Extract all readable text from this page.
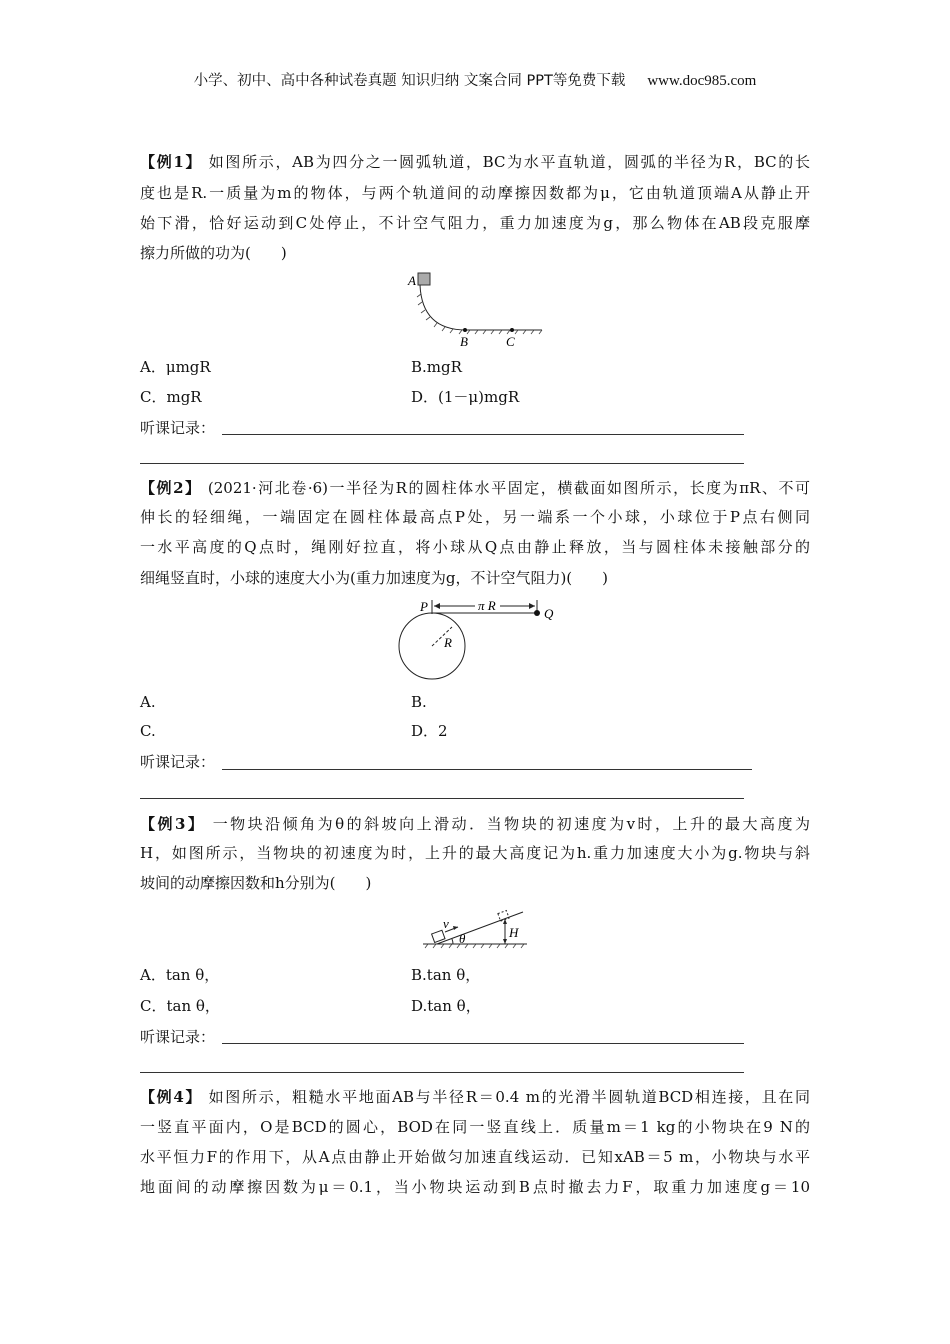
小学、初中、高中各种试卷真题 知识归纳 文案合同 PPT等免费下载 www.doc985.com
【例1】 如图所示，AB为四分之一圆弧轨道，BC为水平直轨道，圆弧的半径为R，BC的长
度也是R.一质量为m的物体，与两个轨道间的动摩擦因数都为μ，它由轨道顶端A从静止开
始下滑，恰好运动到C处停止，不计空气阻力，重力加速度为g，那么物体在AB段克服摩
擦力所做的功为(　　)
A
B	C
A．μmgR	B.mgR
C．mgR	D．(1－μ)mgR
听课记录：
【例2】 (2021·河北卷·6)一半径为R的圆柱体水平固定，横截面如图所示，长度为πR、不可
伸长的轻细绳，一端固定在圆柱体最高点P处，另一端系一个小球，小球位于P点右侧同
一水平高度的Q点时，绳刚好拉直，将小球从Q点由静止释放，当与圆柱体未接触部分的
细绳竖直时，小球的速度大小为(重力加速度为g，不计空气阻力)(　　)
P	π R
Q
R
A.	B.
C.	D．2
听课记录：
【例3】 一物块沿倾角为θ的斜坡向上滑动．当物块的初速度为v时，上升的最大高度为
H，如图所示，当物块的初速度为时，上升的最大高度记为h.重力加速度大小为g.物块与斜
坡间的动摩擦因数和h分别为(　　)
v
θ	H
A．tan θ，	B.tan θ，
C．tan θ，	D.tan θ，
听课记录：
【例4】 如图所示，粗糙水平地面AB与半径R＝0.4 m的光滑半圆轨道BCD相连接，且在同
一竖直平面内，O是BCD的圆心，BOD在同一竖直线上．质量m＝1 kg的小物块在9 N的
水平恒力F的作用下，从A点由静止开始做匀加速直线运动．已知xAB＝5 m，小物块与水平
地面间的动摩擦因数为μ＝0.1，当小物块运动到B点时撤去力F，取重力加速度g＝10
